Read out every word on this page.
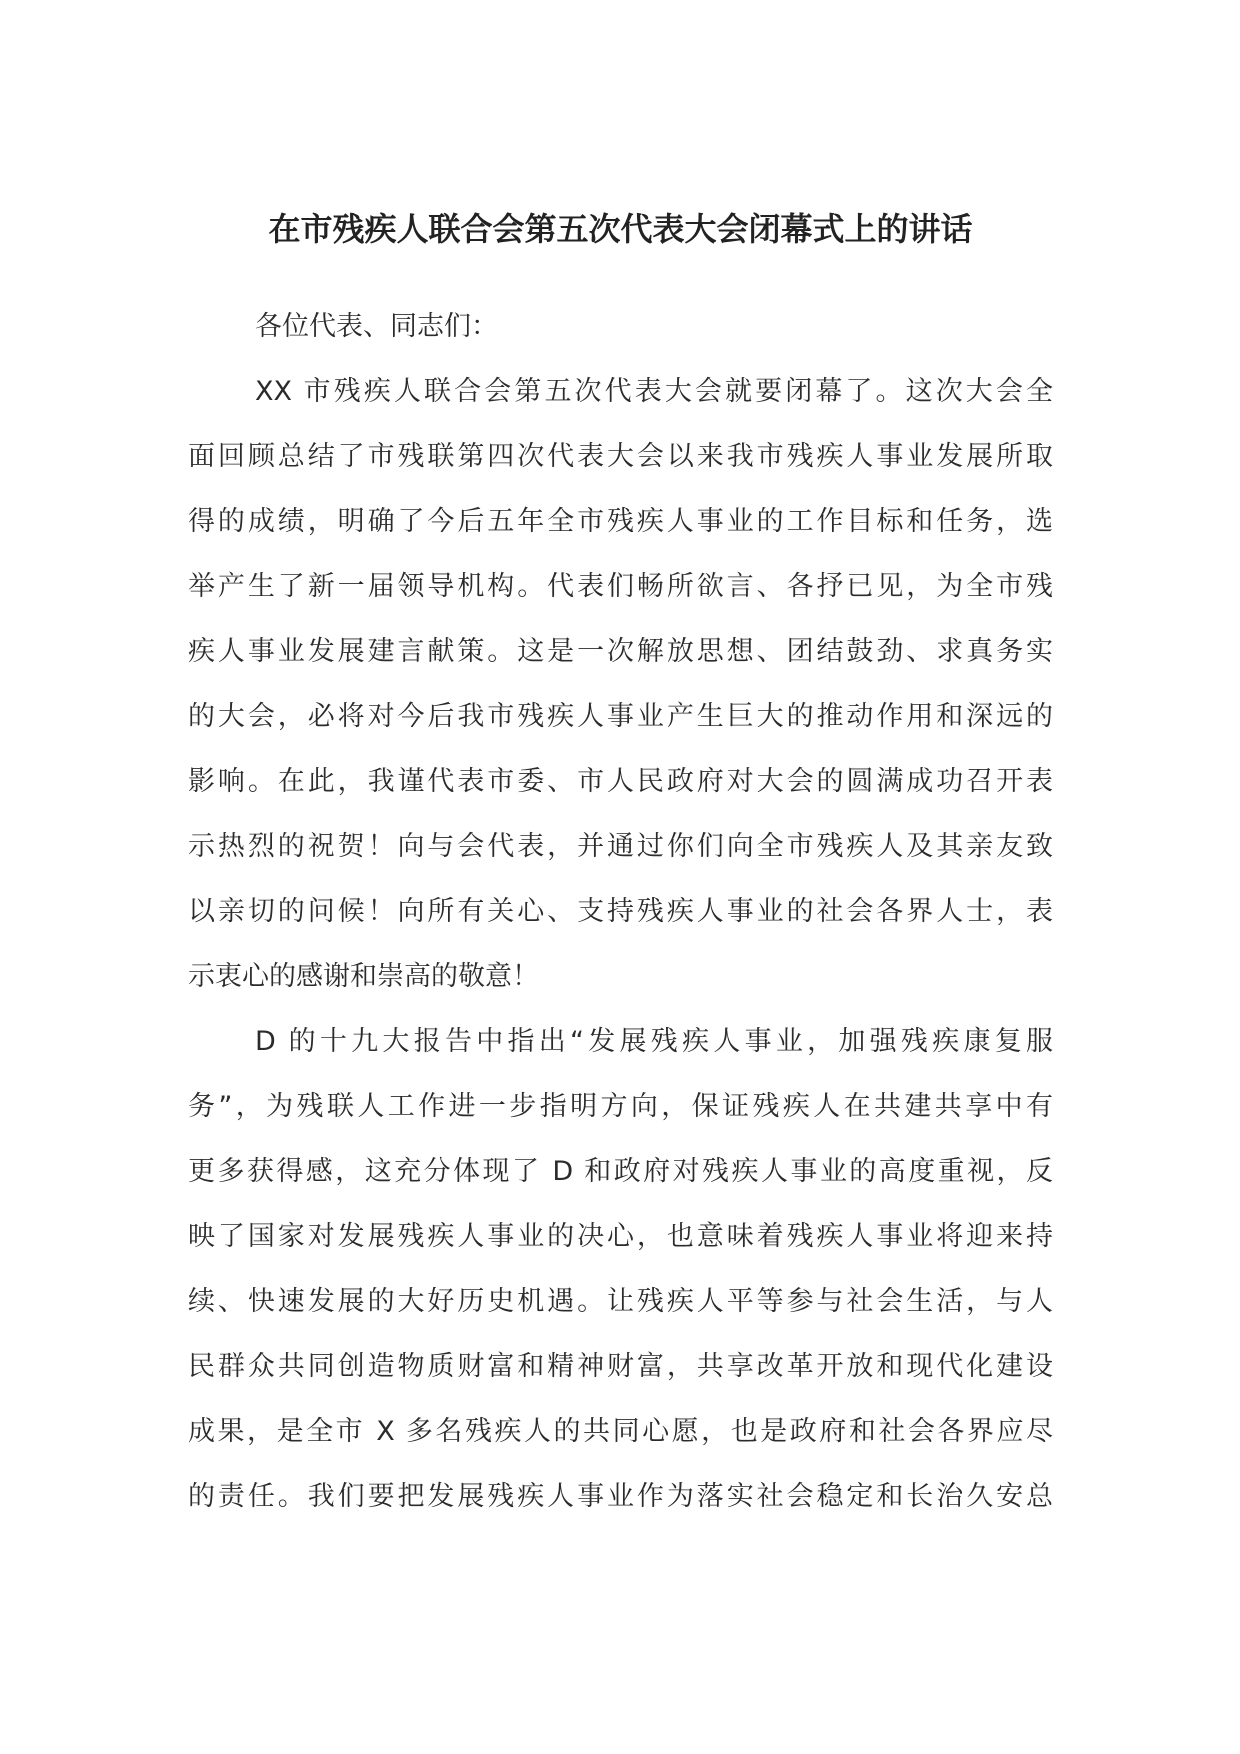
在市残疾人联合会第五次代表大会闭幕式上的讲话

各位代表、同志们：

XX 市残疾人联合会第五次代表大会就要闭幕了。这次大会全
面回顾总结了市残联第四次代表大会以来我市残疾人事业发展所取
得的成绩，明确了今后五年全市残疾人事业的工作目标和任务，选
举产生了新一届领导机构。代表们畅所欲言、各抒已见，为全市残
疾人事业发展建言献策。这是一次解放思想、团结鼓劲、求真务实
的大会，必将对今后我市残疾人事业产生巨大的推动作用和深远的
影响。在此，我谨代表市委、市人民政府对大会的圆满成功召开表
示热烈的祝贺！向与会代表，并通过你们向全市残疾人及其亲友致
以亲切的问候！向所有关心、支持残疾人事业的社会各界人士，表
示衷心的感谢和崇高的敬意！
D 的十九大报告中指出“发展残疾人事业，加强残疾康复服
务”，为残联人工作进一步指明方向，保证残疾人在共建共享中有
更多获得感，这充分体现了 D 和政府对残疾人事业的高度重视，反
映了国家对发展残疾人事业的决心，也意味着残疾人事业将迎来持
续、快速发展的大好历史机遇。让残疾人平等参与社会生活，与人
民群众共同创造物质财富和精神财富，共享改革开放和现代化建设
成果，是全市 X 多名残疾人的共同心愿，也是政府和社会各界应尽
的责任。我们要把发展残疾人事业作为落实社会稳定和长治久安总
